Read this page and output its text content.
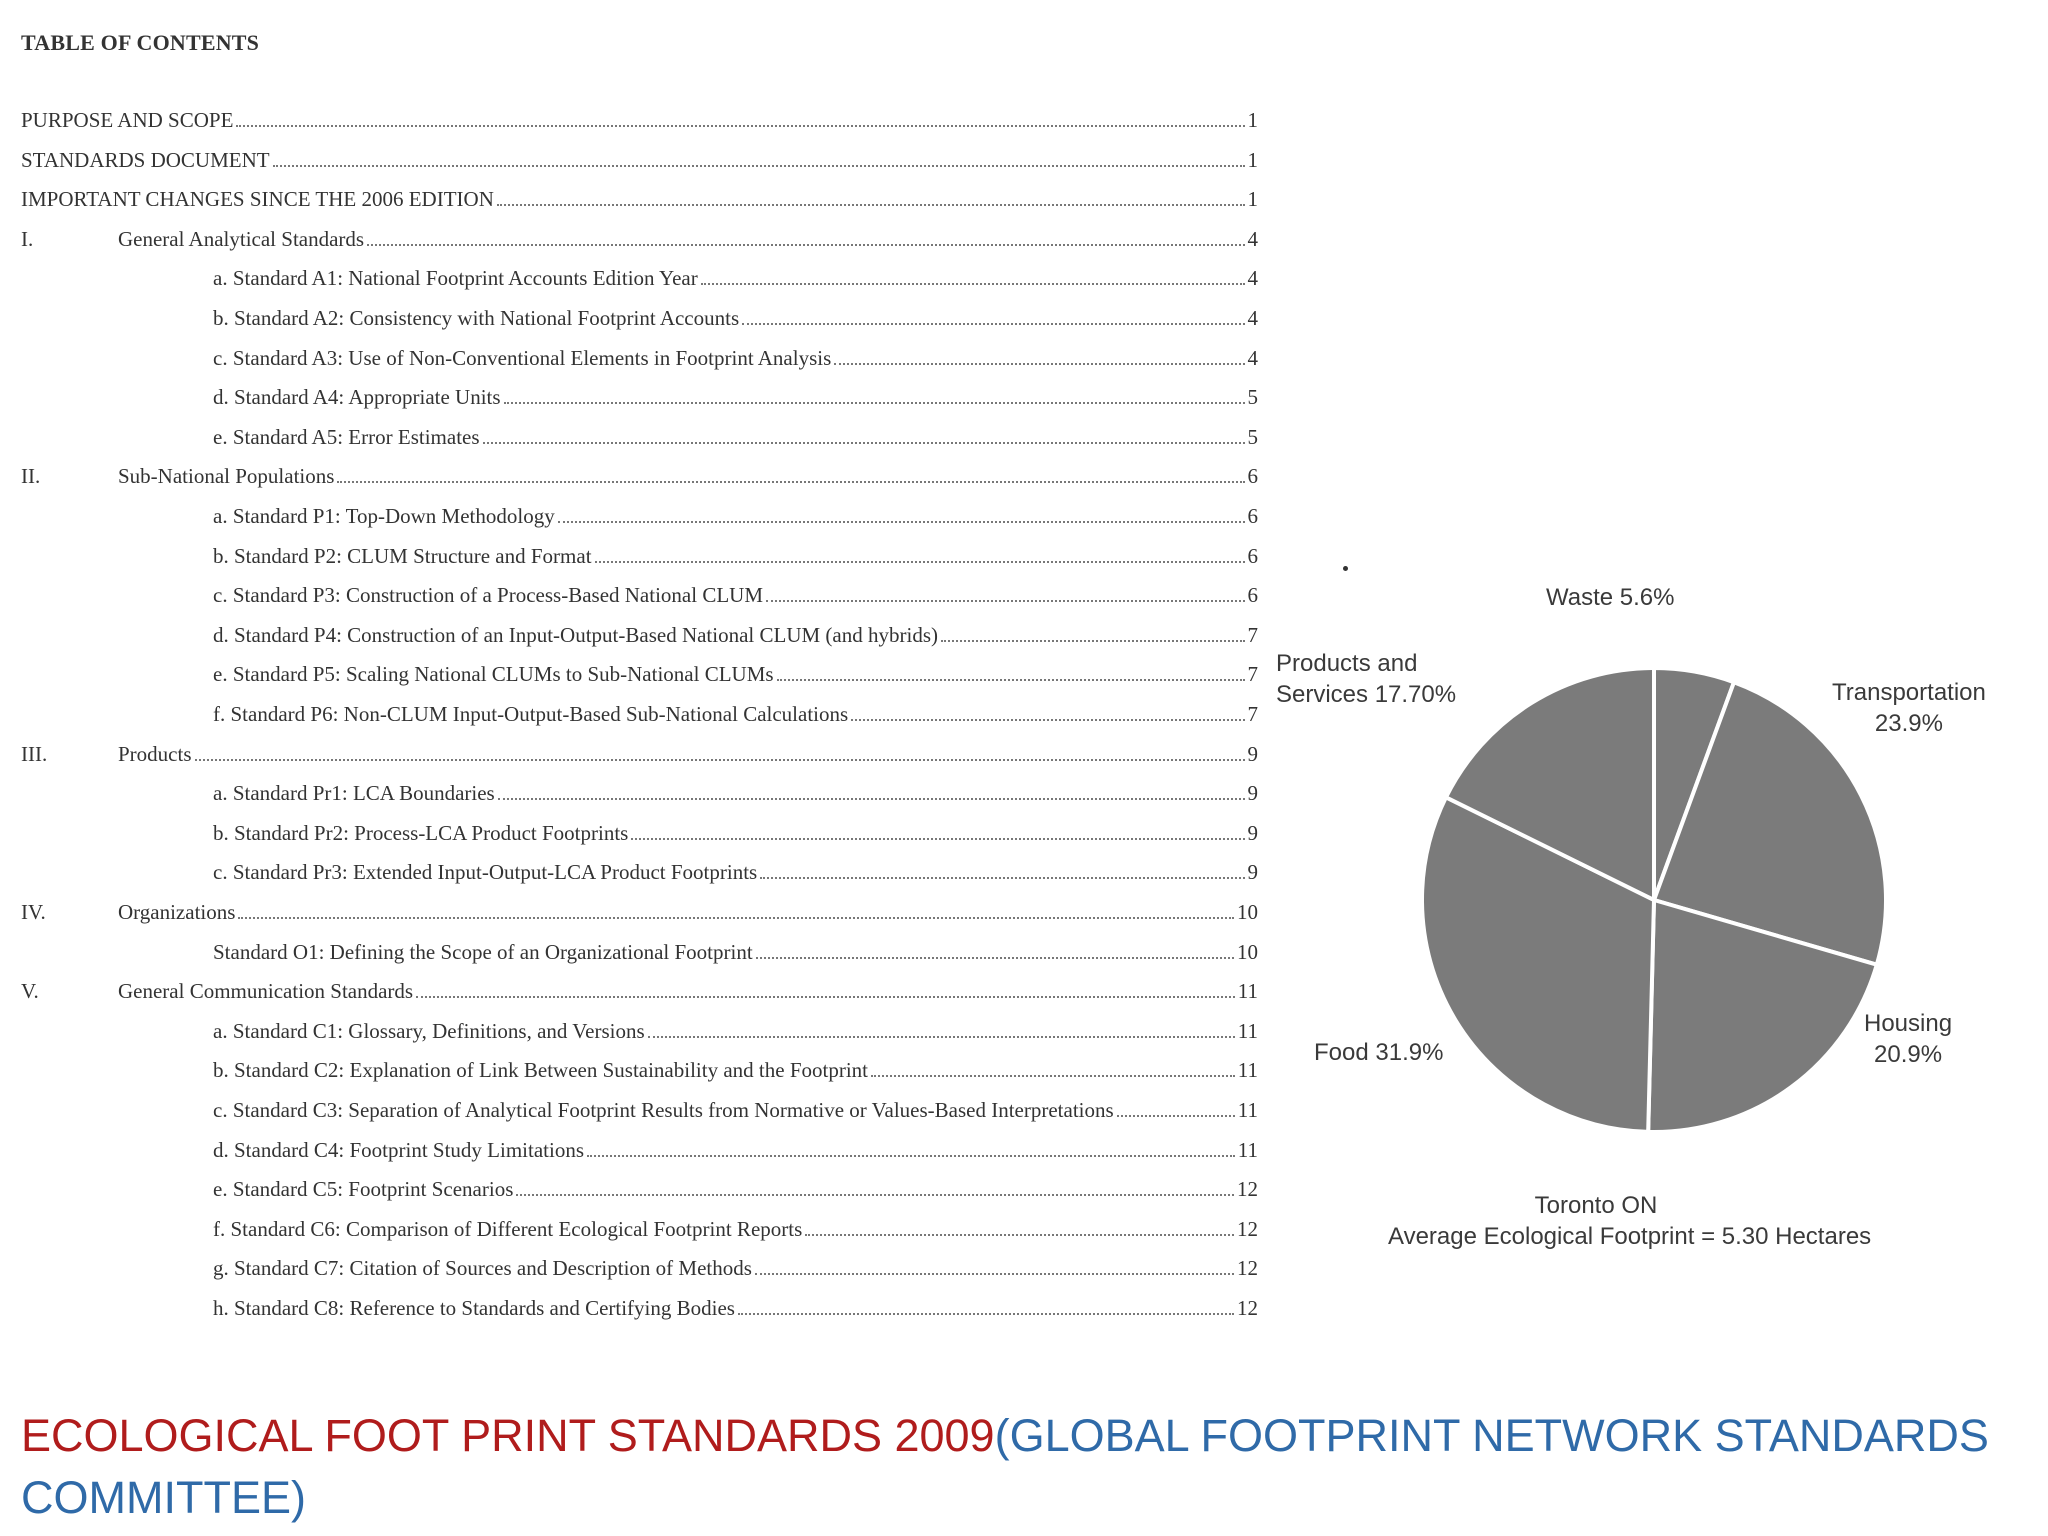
TABLE OF CONTENTS
PURPOSE AND SCOPE	1
STANDARDS DOCUMENT	1
IMPORTANT CHANGES SINCE THE 2006 EDITION	1
I.	General Analytical Standards	4
a. Standard A1: National Footprint Accounts Edition Year	4
b. Standard A2: Consistency with National Footprint Accounts	4
c. Standard A3: Use of Non-Conventional Elements in Footprint Analysis	4
d. Standard A4: Appropriate Units	5
e. Standard A5: Error Estimates	5
II.	Sub-National Populations	6
a. Standard P1: Top-Down Methodology	6
b. Standard P2: CLUM Structure and Format	6
c. Standard P3: Construction of a Process-Based National CLUM	6
d. Standard P4: Construction of an Input-Output-Based National CLUM (and hybrids)	7
e. Standard P5: Scaling National CLUMs to Sub-National CLUMs	7
f. Standard P6: Non-CLUM Input-Output-Based Sub-National Calculations	7
III.	Products	9
a. Standard Pr1: LCA Boundaries	9
b. Standard Pr2: Process-LCA Product Footprints	9
c. Standard Pr3: Extended Input-Output-LCA Product Footprints	9
IV.	Organizations	10
Standard O1: Defining the Scope of an Organizational Footprint	10
V.	General Communication Standards	11
a. Standard C1: Glossary, Definitions, and Versions	11
b. Standard C2: Explanation of Link Between Sustainability and the Footprint	11
c. Standard C3: Separation of Analytical Footprint Results from Normative or Values-Based Interpretations	11
d. Standard C4: Footprint Study Limitations	11
e. Standard C5: Footprint Scenarios	12
f. Standard C6: Comparison of Different Ecological Footprint Reports	12
g. Standard C7: Citation of Sources and Description of Methods	12
h. Standard C8: Reference to Standards and Certifying Bodies	12
Waste 5.6%
Products and
Services 17.70%	Transportation
23.9%
Housing
20.9%
Food 31.9%
Toronto ON
Average Ecological Footprint = 5.30 Hectares
ECOLOGICAL FOOT PRINT STANDARDS 2009(GLOBAL FOOTPRINT NETWORK STANDARDS COMMITTEE)
